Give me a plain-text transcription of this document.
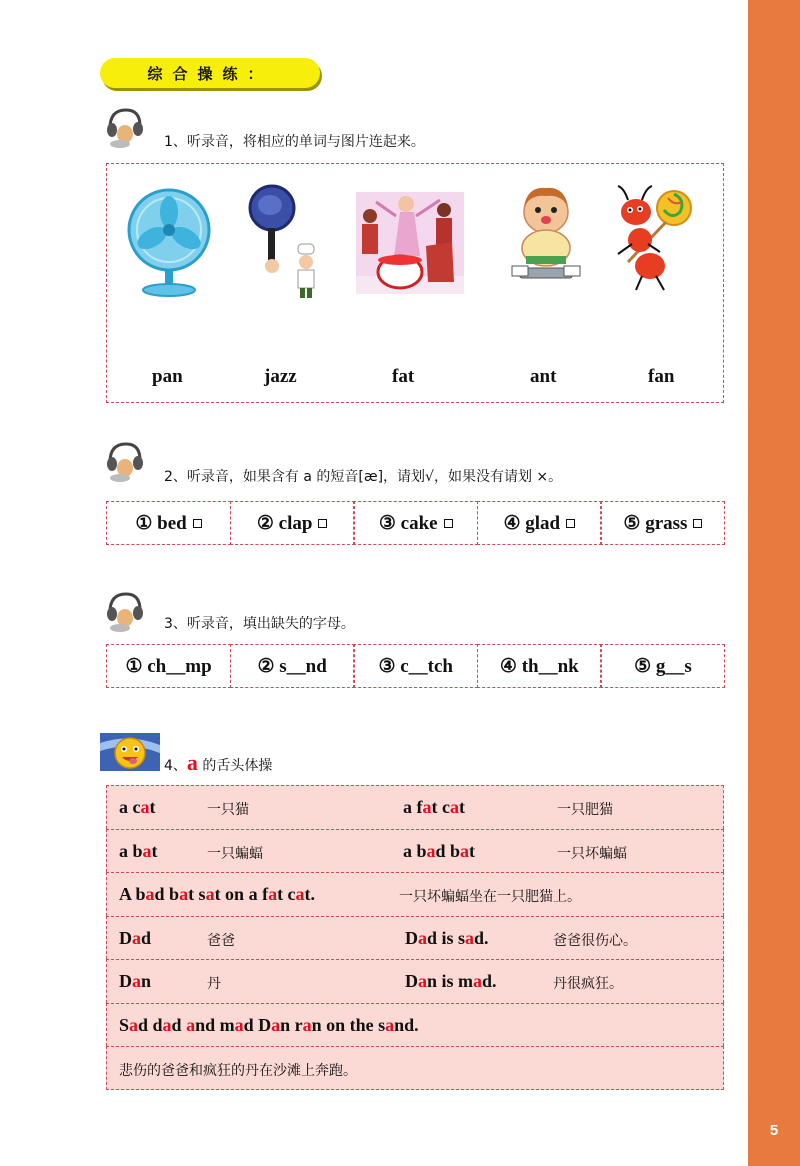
5
综合操练：
1、听录音，将相应的单词与图片连起来。
pan	jazz	fat	ant	fan
2、听录音，如果含有 a 的短音[æ]，请划√，如果没有请划 ×。
① bed	② clap	③ cake	④ glad	⑤ grass
3、听录音，填出缺失的字母。
① ch__mp	② s__nd	③ c__tch	④ th__nk	⑤ g__s
4、a 的舌头体操
a cat	一只猫	a fat cat	一只肥猫
a bat	一只蝙蝠	a bad bat	一只坏蝙蝠
A bad bat sat on a fat cat.	一只坏蝙蝠坐在一只肥猫上。
Dad	爸爸	Dad is sad.	爸爸很伤心。
Dan	丹	Dan is mad.	丹很疯狂。
Sad dad and mad Dan ran on the sand.
悲伤的爸爸和疯狂的丹在沙滩上奔跑。
